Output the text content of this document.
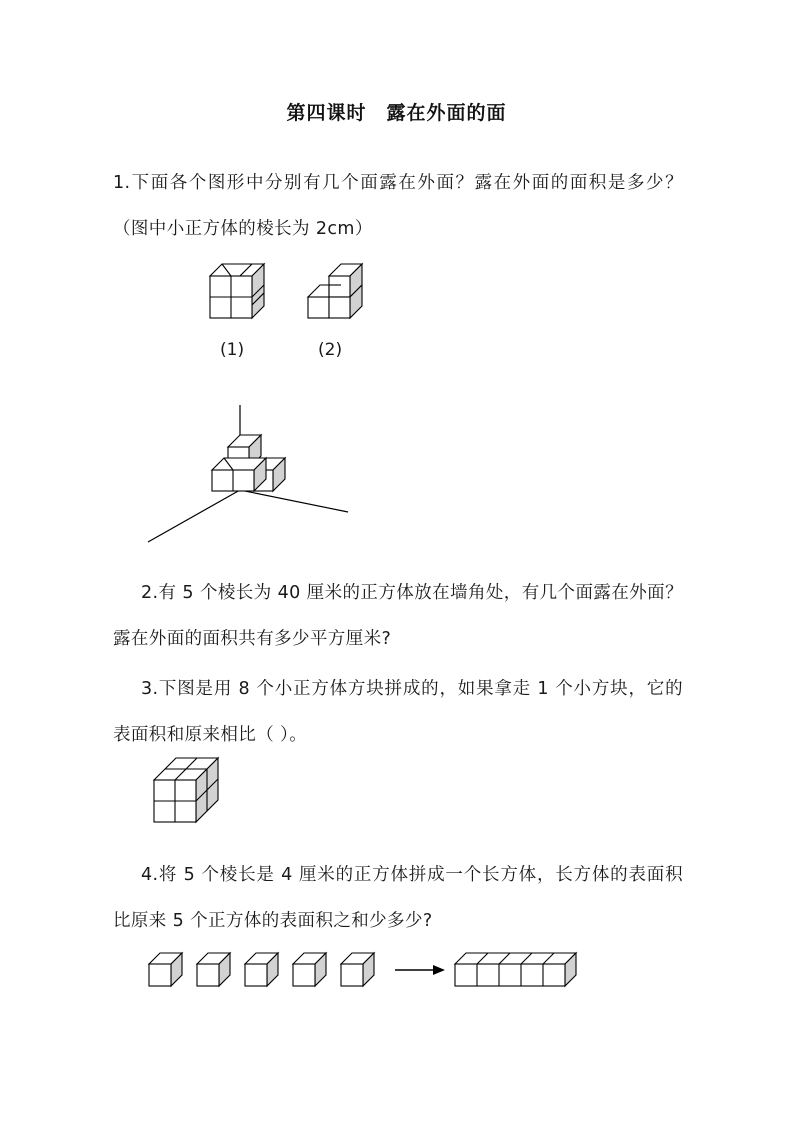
第四课时 露在外面的面
1.下面各个图形中分别有几个面露在外面？露在外面的面积是多少？（图中小正方体的棱长为 2cm）
(1)	(2)
2.有 5 个棱长为 40 厘米的正方体放在墙角处，有几个面露在外面？露在外面的面积共有多少平方厘米?
3.下图是用 8 个小正方体方块拼成的，如果拿走 1 个小方块，它的表面积和原来相比（ ）。
4.将 5 个棱长是 4 厘米的正方体拼成一个长方体，长方体的表面积比原来 5 个正方体的表面积之和少多少?
